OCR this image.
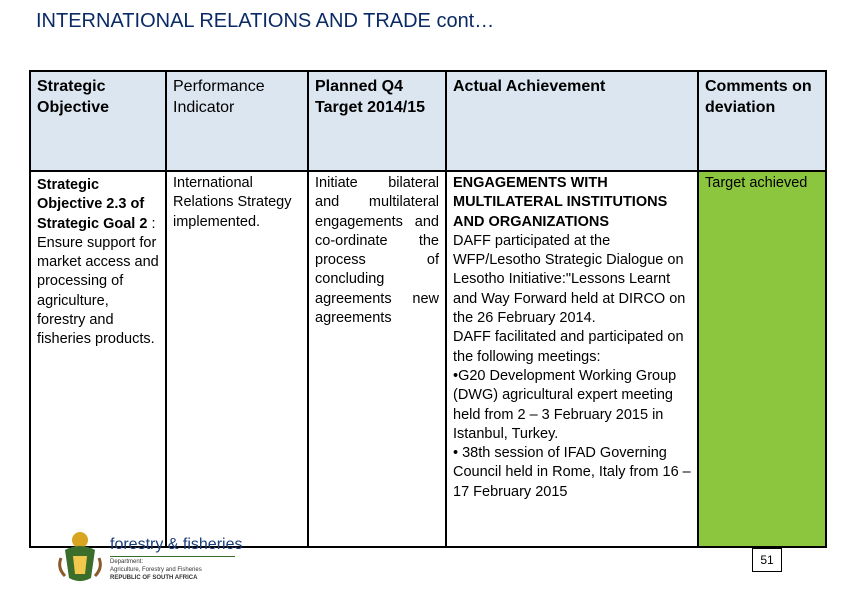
INTERNATIONAL RELATIONS AND TRADE cont…
Strategic Objective	Performance Indicator	Planned Q4 Target 2014/15	Actual Achievement	Comments on deviation
Strategic Objective 2.3 of Strategic Goal 2 : Ensure support for market access and processing of agriculture, forestry and fisheries products.	International Relations Strategy implemented.	Initiate bilateral and multilateral engagements and co-ordinate the process of concluding agreements new agreements	ENGAGEMENTS WITH MULTILATERAL INSTITUTIONS AND ORGANIZATIONS
DAFF participated at the WFP/Lesotho Strategic Dialogue on Lesotho Initiative:"Lessons Learnt and Way Forward held at DIRCO on the 26 February 2014.
DAFF facilitated and participated on the following meetings:
•G20 Development Working Group (DWG) agricultural expert meeting held from 2 – 3 February 2015 in Istanbul, Turkey.
• 38th session of IFAD Governing Council held in Rome, Italy from 16 – 17 February 2015	Target achieved
forestry & fisheries
Department:
Agriculture, Forestry and Fisheries
REPUBLIC OF SOUTH AFRICA
51
